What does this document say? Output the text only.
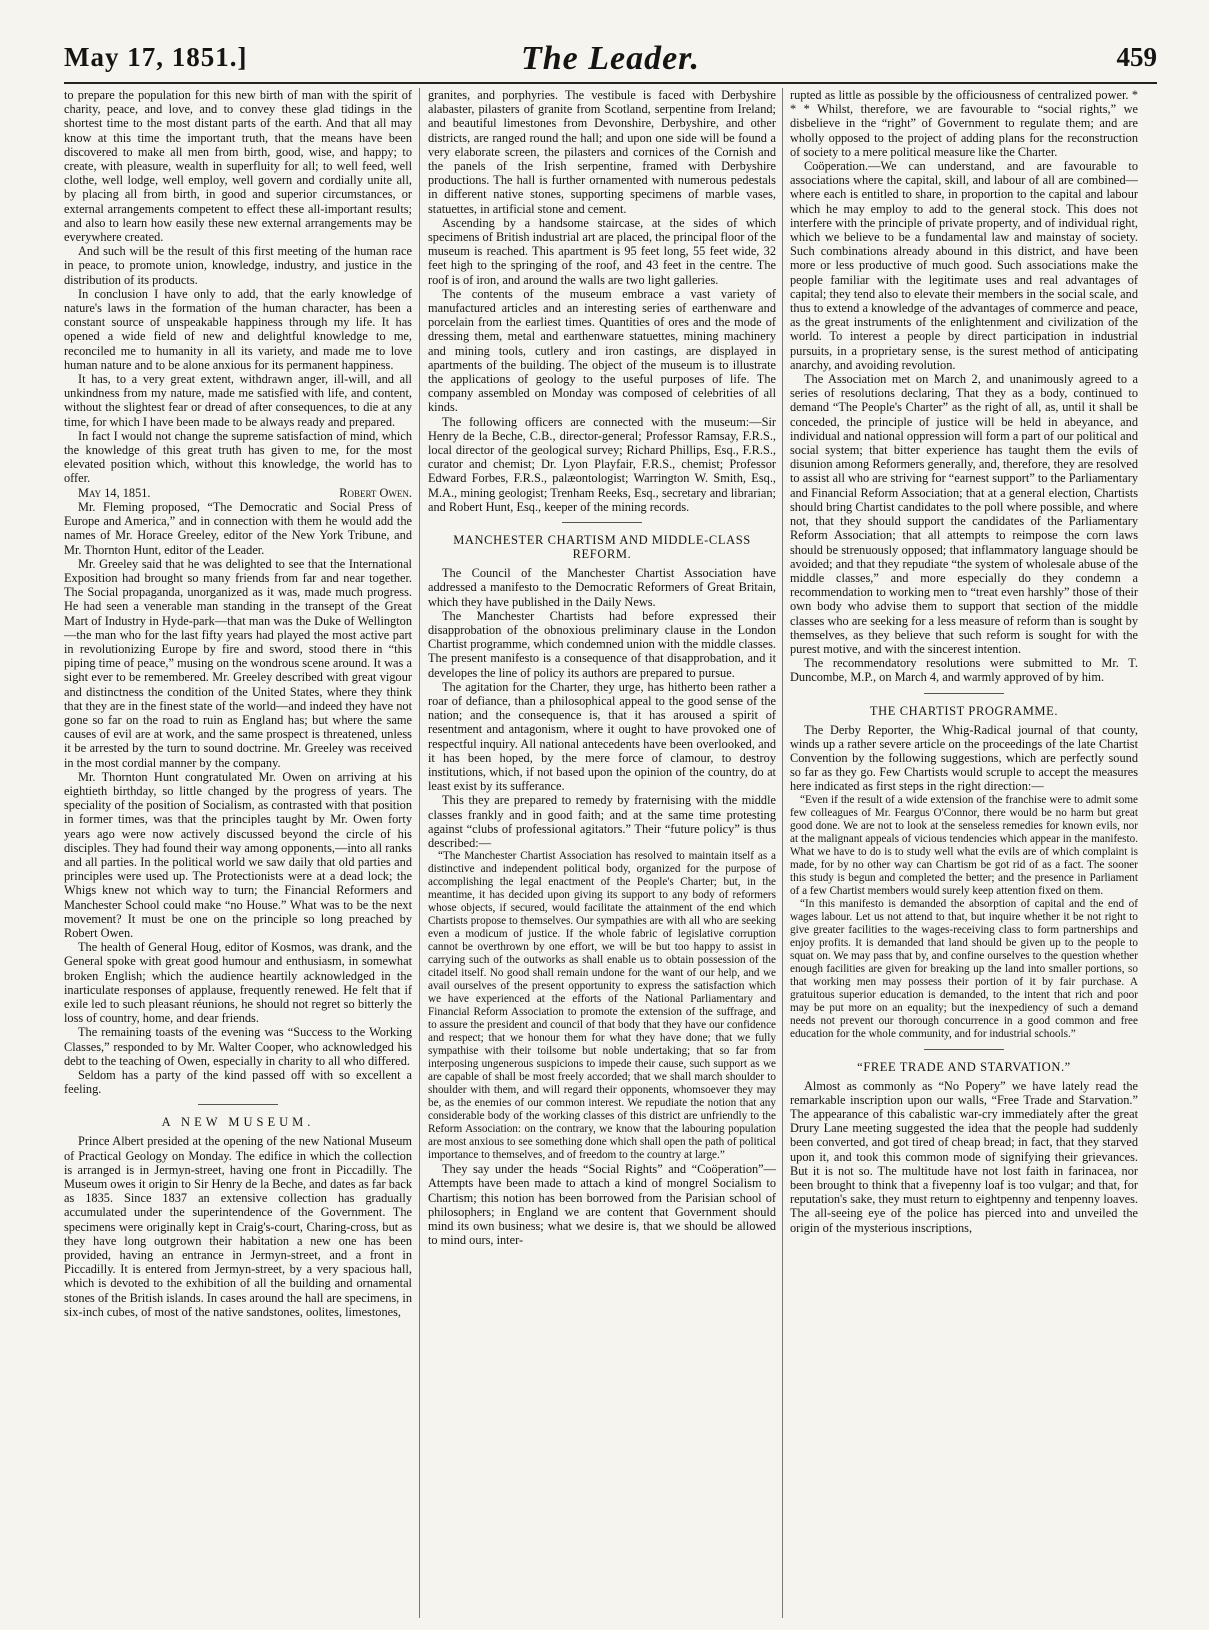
May 17, 1851.]	The Leader.	459

to prepare the population for this new birth of man with the spirit of charity, peace, and love, and to convey these glad tidings in the shortest time to the most distant parts of the earth. And that all may know at this time the important truth, that the means have been discovered to make all men from birth, good, wise, and happy; to create, with pleasure, wealth in superfluity for all; to well feed, well clothe, well lodge, well employ, well govern and cordially unite all, by placing all from birth, in good and superior circumstances, or external arrangements competent to effect these all-important results; and also to learn how easily these new external arrangements may be everywhere created.

And such will be the result of this first meeting of the human race in peace, to promote union, knowledge, industry, and justice in the distribution of its products.

In conclusion I have only to add, that the early knowledge of nature's laws in the formation of the human character, has been a constant source of unspeakable happiness through my life. It has opened a wide field of new and delightful knowledge to me, reconciled me to humanity in all its variety, and made me to love human nature and to be alone anxious for its permanent happiness.

It has, to a very great extent, withdrawn anger, ill-will, and all unkindness from my nature, made me satisfied with life, and content, without the slightest fear or dread of after consequences, to die at any time, for which I have been made to be always ready and prepared.

In fact I would not change the supreme satisfaction of mind, which the knowledge of this great truth has given to me, for the most elevated position which, without this knowledge, the world has to offer.

May 14, 1851.	Robert Owen.

Mr. Fleming proposed, “The Democratic and Social Press of Europe and America,” and in connection with them he would add the names of Mr. Horace Greeley, editor of the New York Tribune, and Mr. Thornton Hunt, editor of the Leader.

Mr. Greeley said that he was delighted to see that the International Exposition had brought so many friends from far and near together. The Social propaganda, unorganized as it was, made much progress. He had seen a venerable man standing in the transept of the Great Mart of Industry in Hyde-park—that man was the Duke of Wellington—the man who for the last fifty years had played the most active part in revolutionizing Europe by fire and sword, stood there in “this piping time of peace,” musing on the wondrous scene around. It was a sight ever to be remembered. Mr. Greeley described with great vigour and distinctness the condition of the United States, where they think that they are in the finest state of the world—and indeed they have not gone so far on the road to ruin as England has; but where the same causes of evil are at work, and the same prospect is threatened, unless it be arrested by the turn to sound doctrine. Mr. Greeley was received in the most cordial manner by the company.

Mr. Thornton Hunt congratulated Mr. Owen on arriving at his eightieth birthday, so little changed by the progress of years. The speciality of the position of Socialism, as contrasted with that position in former times, was that the principles taught by Mr. Owen forty years ago were now actively discussed beyond the circle of his disciples. They had found their way among opponents,—into all ranks and all parties. In the political world we saw daily that old parties and principles were used up. The Protectionists were at a dead lock; the Whigs knew not which way to turn; the Financial Reformers and Manchester School could make “no House.” What was to be the next movement? It must be one on the principle so long preached by Robert Owen.

The health of General Houg, editor of Kosmos, was drank, and the General spoke with great good humour and enthusiasm, in somewhat broken English; which the audience heartily acknowledged in the inarticulate responses of applause, frequently renewed. He felt that if exile led to such pleasant réunions, he should not regret so bitterly the loss of country, home, and dear friends.

The remaining toasts of the evening was “Success to the Working Classes,” responded to by Mr. Walter Cooper, who acknowledged his debt to the teaching of Owen, especially in charity to all who differed.

Seldom has a party of the kind passed off with so excellent a feeling.

A NEW MUSEUM.

Prince Albert presided at the opening of the new National Museum of Practical Geology on Monday. The edifice in which the collection is arranged is in Jermyn-street, having one front in Piccadilly. The Museum owes it origin to Sir Henry de la Beche, and dates as far back as 1835. Since 1837 an extensive collection has gradually accumulated under the superintendence of the Government. The specimens were originally kept in Craig's-court, Charing-cross, but as they have long outgrown their habitation a new one has been provided, having an entrance in Jermyn-street, and a front in Piccadilly. It is entered from Jermyn-street, by a very spacious hall, which is devoted to the exhibition of all the building and ornamental stones of the British islands. In cases around the hall are specimens, in six-inch cubes, of most of the native sandstones, oolites, limestones,

granites, and porphyries. The vestibule is faced with Derbyshire alabaster, pilasters of granite from Scotland, serpentine from Ireland; and beautiful limestones from Devonshire, Derbyshire, and other districts, are ranged round the hall; and upon one side will be found a very elaborate screen, the pilasters and cornices of the Cornish and the panels of the Irish serpentine, framed with Derbyshire productions. The hall is further ornamented with numerous pedestals in different native stones, supporting specimens of marble vases, statuettes, in artificial stone and cement.

Ascending by a handsome staircase, at the sides of which specimens of British industrial art are placed, the principal floor of the museum is reached. This apartment is 95 feet long, 55 feet wide, 32 feet high to the springing of the roof, and 43 feet in the centre. The roof is of iron, and around the walls are two light galleries.

The contents of the museum embrace a vast variety of manufactured articles and an interesting series of earthenware and porcelain from the earliest times. Quantities of ores and the mode of dressing them, metal and earthenware statuettes, mining machinery and mining tools, cutlery and iron castings, are displayed in apartments of the building. The object of the museum is to illustrate the applications of geology to the useful purposes of life. The company assembled on Monday was composed of celebrities of all kinds.

The following officers are connected with the museum:—Sir Henry de la Beche, C.B., director-general; Professor Ramsay, F.R.S., local director of the geological survey; Richard Phillips, Esq., F.R.S., curator and chemist; Dr. Lyon Playfair, F.R.S., chemist; Professor Edward Forbes, F.R.S., palæontologist; Warrington W. Smith, Esq., M.A., mining geologist; Trenham Reeks, Esq., secretary and librarian; and Robert Hunt, Esq., keeper of the mining records.

MANCHESTER CHARTISM AND MIDDLE-CLASS REFORM.

The Council of the Manchester Chartist Association have addressed a manifesto to the Democratic Reformers of Great Britain, which they have published in the Daily News.

The Manchester Chartists had before expressed their disapprobation of the obnoxious preliminary clause in the London Chartist programme, which condemned union with the middle classes. The present manifesto is a consequence of that disapprobation, and it developes the line of policy its authors are prepared to pursue.

The agitation for the Charter, they urge, has hitherto been rather a roar of defiance, than a philosophical appeal to the good sense of the nation; and the consequence is, that it has aroused a spirit of resentment and antagonism, where it ought to have provoked one of respectful inquiry. All national antecedents have been overlooked, and it has been hoped, by the mere force of clamour, to destroy institutions, which, if not based upon the opinion of the country, do at least exist by its sufferance.

This they are prepared to remedy by fraternising with the middle classes frankly and in good faith; and at the same time protesting against “clubs of professional agitators.” Their “future policy” is thus described:—

“The Manchester Chartist Association has resolved to maintain itself as a distinctive and independent political body, organized for the purpose of accomplishing the legal enactment of the People's Charter; but, in the meantime, it has decided upon giving its support to any body of reformers whose objects, if secured, would facilitate the attainment of the end which Chartists propose to themselves. Our sympathies are with all who are seeking even a modicum of justice. If the whole fabric of legislative corruption cannot be overthrown by one effort, we will be but too happy to assist in carrying such of the outworks as shall enable us to obtain possession of the citadel itself. No good shall remain undone for the want of our help, and we avail ourselves of the present opportunity to express the satisfaction which we have experienced at the efforts of the National Parliamentary and Financial Reform Association to promote the extension of the suffrage, and to assure the president and council of that body that they have our confidence and respect; that we honour them for what they have done; that we fully sympathise with their toilsome but noble undertaking; that so far from interposing ungenerous suspicions to impede their cause, such support as we are capable of shall be most freely accorded; that we shall march shoulder to shoulder with them, and will regard their opponents, whomsoever they may be, as the enemies of our common interest. We repudiate the notion that any considerable body of the working classes of this district are unfriendly to the Reform Association: on the contrary, we know that the labouring population are most anxious to see something done which shall open the path of political importance to themselves, and of freedom to the country at large.”

They say under the heads “Social Rights” and “Coöperation”—Attempts have been made to attach a kind of mongrel Socialism to Chartism; this notion has been borrowed from the Parisian school of philosophers; in England we are content that Government should mind its own business; what we desire is, that we should be allowed to mind ours, inter-

rupted as little as possible by the officiousness of centralized power. * * * Whilst, therefore, we are favourable to “social rights,” we disbelieve in the “right” of Government to regulate them; and are wholly opposed to the project of adding plans for the reconstruction of society to a mere political measure like the Charter.

Coöperation.—We can understand, and are favourable to associations where the capital, skill, and labour of all are combined—where each is entitled to share, in proportion to the capital and labour which he may employ to add to the general stock. This does not interfere with the principle of private property, and of individual right, which we believe to be a fundamental law and mainstay of society. Such combinations already abound in this district, and have been more or less productive of much good. Such associations make the people familiar with the legitimate uses and real advantages of capital; they tend also to elevate their members in the social scale, and thus to extend a knowledge of the advantages of commerce and peace, as the great instruments of the enlightenment and civilization of the world. To interest a people by direct participation in industrial pursuits, in a proprietary sense, is the surest method of anticipating anarchy, and avoiding revolution.

The Association met on March 2, and unanimously agreed to a series of resolutions declaring, That they as a body, continued to demand “The People's Charter” as the right of all, as, until it shall be conceded, the principle of justice will be held in abeyance, and individual and national oppression will form a part of our political and social system; that bitter experience has taught them the evils of disunion among Reformers generally, and, therefore, they are resolved to assist all who are striving for “earnest support” to the Parliamentary and Financial Reform Association; that at a general election, Chartists should bring Chartist candidates to the poll where possible, and where not, that they should support the candidates of the Parliamentary Reform Association; that all attempts to reimpose the corn laws should be strenuously opposed; that inflammatory language should be avoided; and that they repudiate “the system of wholesale abuse of the middle classes,” and more especially do they condemn a recommendation to working men to “treat even harshly” those of their own body who advise them to support that section of the middle classes who are seeking for a less measure of reform than is sought by themselves, as they believe that such reform is sought for with the purest motive, and with the sincerest intention.

The recommendatory resolutions were submitted to Mr. T. Duncombe, M.P., on March 4, and warmly approved of by him.

THE CHARTIST PROGRAMME.

The Derby Reporter, the Whig-Radical journal of that county, winds up a rather severe article on the proceedings of the late Chartist Convention by the following suggestions, which are perfectly sound so far as they go. Few Chartists would scruple to accept the measures here indicated as first steps in the right direction:—

“Even if the result of a wide extension of the franchise were to admit some few colleagues of Mr. Feargus O'Connor, there would be no harm but great good done. We are not to look at the senseless remedies for known evils, nor at the malignant appeals of vicious tendencies which appear in the manifesto. What we have to do is to study well what the evils are of which complaint is made, for by no other way can Chartism be got rid of as a fact. The sooner this study is begun and completed the better; and the presence in Parliament of a few Chartist members would surely keep attention fixed on them.

“In this manifesto is demanded the absorption of capital and the end of wages labour. Let us not attend to that, but inquire whether it be not right to give greater facilities to the wages-receiving class to form partnerships and enjoy profits. It is demanded that land should be given up to the people to squat on. We may pass that by, and confine ourselves to the question whether enough facilities are given for breaking up the land into smaller portions, so that working men may possess their portion of it by fair purchase. A gratuitous superior education is demanded, to the intent that rich and poor may be put more on an equality; but the inexpediency of such a demand needs not prevent our thorough concurrence in a good common and free education for the whole community, and for industrial schools.”

“FREE TRADE AND STARVATION.”

Almost as commonly as “No Popery” we have lately read the remarkable inscription upon our walls, “Free Trade and Starvation.” The appearance of this cabalistic war-cry immediately after the great Drury Lane meeting suggested the idea that the people had suddenly been converted, and got tired of cheap bread; in fact, that they starved upon it, and took this common mode of signifying their grievances. But it is not so. The multitude have not lost faith in farinacea, nor been brought to think that a fivepenny loaf is too vulgar; and that, for reputation's sake, they must return to eightpenny and tenpenny loaves. The all-seeing eye of the police has pierced into and unveiled the origin of the mysterious inscriptions,
